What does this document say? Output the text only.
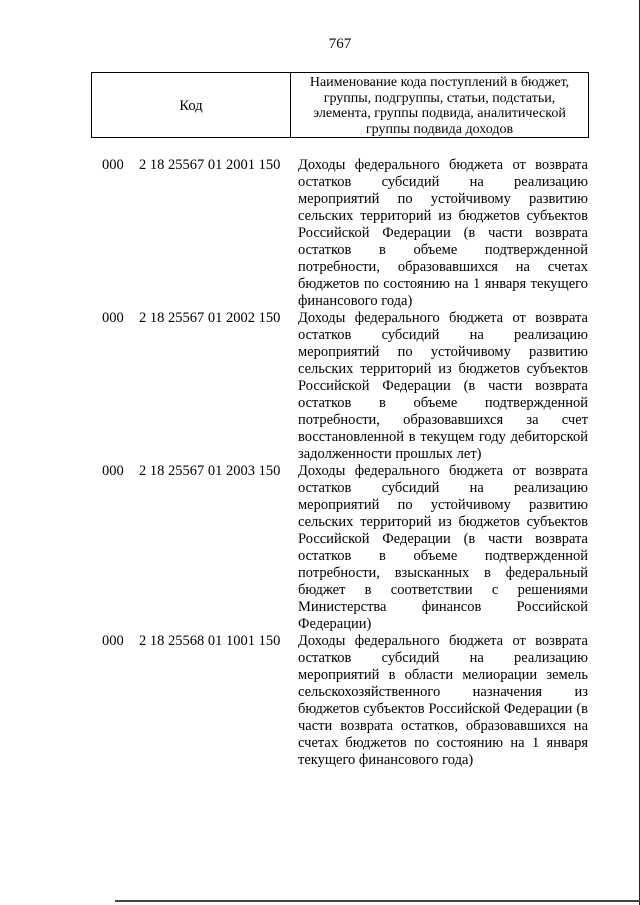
767
Код
Наименование кода поступлений в бюджет, группы, подгруппы, статьи, подстатьи, элемента, группы подвида, аналитической группы подвида доходов
000 2 18 25567 01 2001 150 Доходы федерального бюджета от возврата остатков субсидий на реализацию мероприятий по устойчивому развитию сельских территорий из бюджетов субъектов Российской Федерации (в части возврата остатков в объеме подтвержденной потребности, образовавшихся на счетах бюджетов по состоянию на 1 января текущего финансового года)
000 2 18 25567 01 2002 150 Доходы федерального бюджета от возврата остатков субсидий на реализацию мероприятий по устойчивому развитию сельских территорий из бюджетов субъектов Российской Федерации (в части возврата остатков в объеме подтвержденной потребности, образовавшихся за счет восстановленной в текущем году дебиторской задолженности прошлых лет)
000 2 18 25567 01 2003 150 Доходы федерального бюджета от возврата остатков субсидий на реализацию мероприятий по устойчивому развитию сельских территорий из бюджетов субъектов Российской Федерации (в части возврата остатков в объеме подтвержденной потребности, взысканных в федеральный бюджет в соответствии с решениями Министерства финансов Российской Федерации)
000 2 18 25568 01 1001 150 Доходы федерального бюджета от возврата остатков субсидий на реализацию мероприятий в области мелиорации земель сельскохозяйственного назначения из бюджетов субъектов Российской Федерации (в части возврата остатков, образовавшихся на счетах бюджетов по состоянию на 1 января текущего финансового года)
